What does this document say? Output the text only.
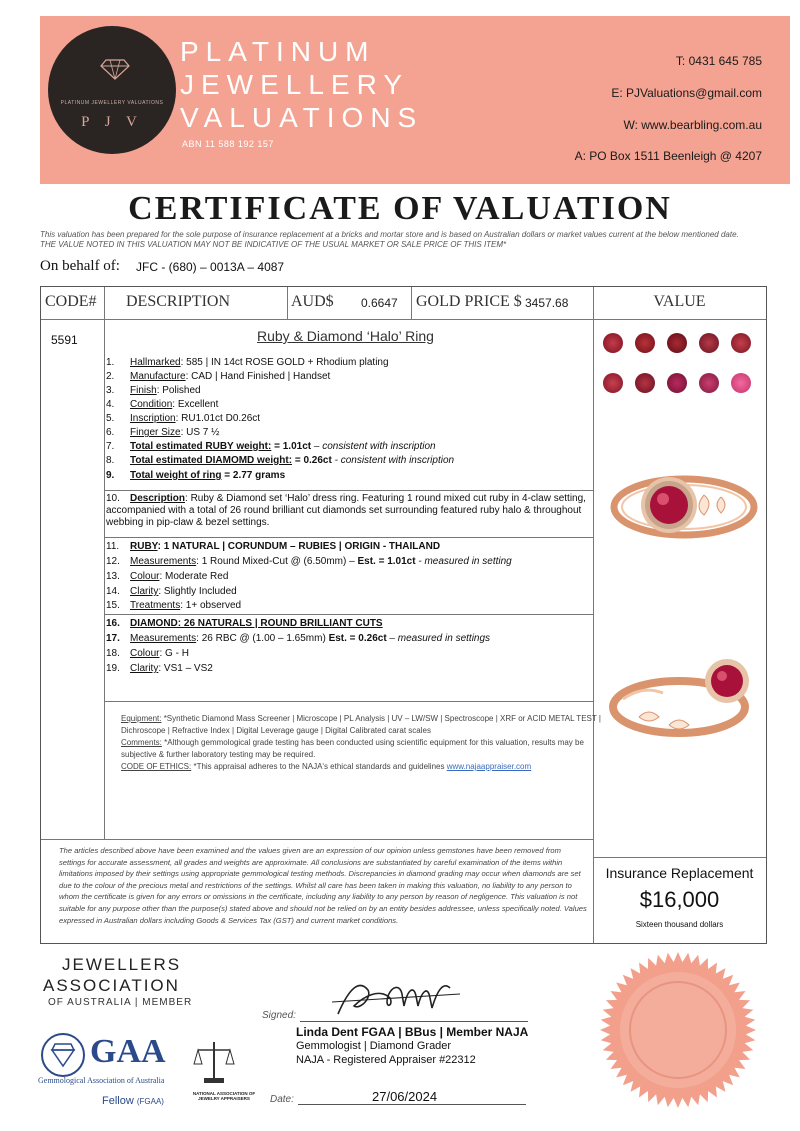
PLATINUM JEWELLERY VALUATIONS
P J V
PLATINUM
JEWELLERY
VALUATIONS
ABN 11 588 192 157
T: 0431 645 785
E: PJValuations@gmail.com
W: www.bearbling.com.au
A: PO Box 1511 Beenleigh @ 4207
CERTIFICATE OF VALUATION
This valuation has been prepared for the sole purpose of insurance replacement at a bricks and mortar store and is based on Australian dollars or market values current at the below mentioned date.
THE VALUE NOTED IN THIS VALUATION MAY NOT BE INDICATIVE OF THE USUAL MARKET OR SALE PRICE OF THIS ITEM*
On behalf of: JFC - (680) – 0013A – 4087
CODE# DESCRIPTION	AUD$ 0.6647 GOLD PRICE $ 3457.68	VALUE
5591	Ruby & Diamond ‘Halo’ Ring
1. Hallmarked: 585 | IN 14ct ROSE GOLD + Rhodium plating
2. Manufacture: CAD | Hand Finished | Handset
3. Finish: Polished
4. Condition: Excellent
5. Inscription: RU1.01ct D0.26ct
6. Finger Size: US 7 ½
7. Total estimated RUBY weight: = 1.01ct – consistent with inscription
8. Total estimated DIAMOMD weight: = 0.26ct - consistent with inscription
9. Total weight of ring = 2.77 grams
10. Description: Ruby & Diamond set ‘Halo’ dress ring. Featuring 1 round mixed cut ruby in 4-claw setting, accompanied with a total of 26 round brilliant cut diamonds set surrounding featured ruby halo & throughout webbing in pip-claw & bezel settings.
11. RUBY: 1 NATURAL | CORUNDUM – RUBIES | ORIGIN - THAILAND
12. Measurements: 1 Round Mixed-Cut @ (6.50mm) – Est. = 1.01ct - measured in setting
13. Colour: Moderate Red
14. Clarity: Slightly Included
15. Treatments: 1+ observed
16. DIAMOND: 26 NATURALS | ROUND BRILLIANT CUTS
17. Measurements: 26 RBC @ (1.00 – 1.65mm) Est. = 0.26ct – measured in settings
18. Colour: G - H
19. Clarity: VS1 – VS2
Equipment: *Synthetic Diamond Mass Screener | Microscope | PL Analysis | UV – LW/SW | Spectroscope | XRF or ACID METAL TEST | Dichroscope | Refractive Index | Digital Leverage gauge | Digital Calibrated carat scales
Comments: *Although gemmological grade testing has been conducted using scientific equipment for this valuation, results may be subjective & further laboratory testing may be required.
CODE OF ETHICS: *This appraisal adheres to the NAJA's ethical standards and guidelines www.najaappraiser.com
The articles described above have been examined and the values given are an expression of our opinion unless gemstones have been removed from settings for accurate assessment, all grades and weights are approximate. All conclusions are substantiated by careful examination of the items within limitations imposed by their settings using appropriate gemmological testing methods. Discrepancies in diamond grading may occur when diamonds are set due to the colour of the precious metal and restrictions of the settings. Whilst all care has been taken in making this valuation, no liability to any person to whom the certificate is given for any errors or omissions in the certificate, including any liability to any person by reason of negligence. This valuation is not suitable for any purpose other than the purpose(s) stated above and should not be relied on by an entity besides addressee, unless specifically noted. Values expressed in Australian dollars including Goods & Services Tax (GST) and current market conditions.
Insurance Replacement
$16,000
Sixteen thousand dollars
JEWELLERS
ASSOCIATION
OF AUSTRALIA | MEMBER
GAA
Gemmological Association of Australia
Fellow (FGAA)
NATIONAL ASSOCIATION OF JEWELRY APPRAISERS
Signed:
Linda Dent FGAA | BBus | Member NAJA
Gemmologist | Diamond Grader
NAJA - Registered Appraiser #22312
Date:	27/06/2024
